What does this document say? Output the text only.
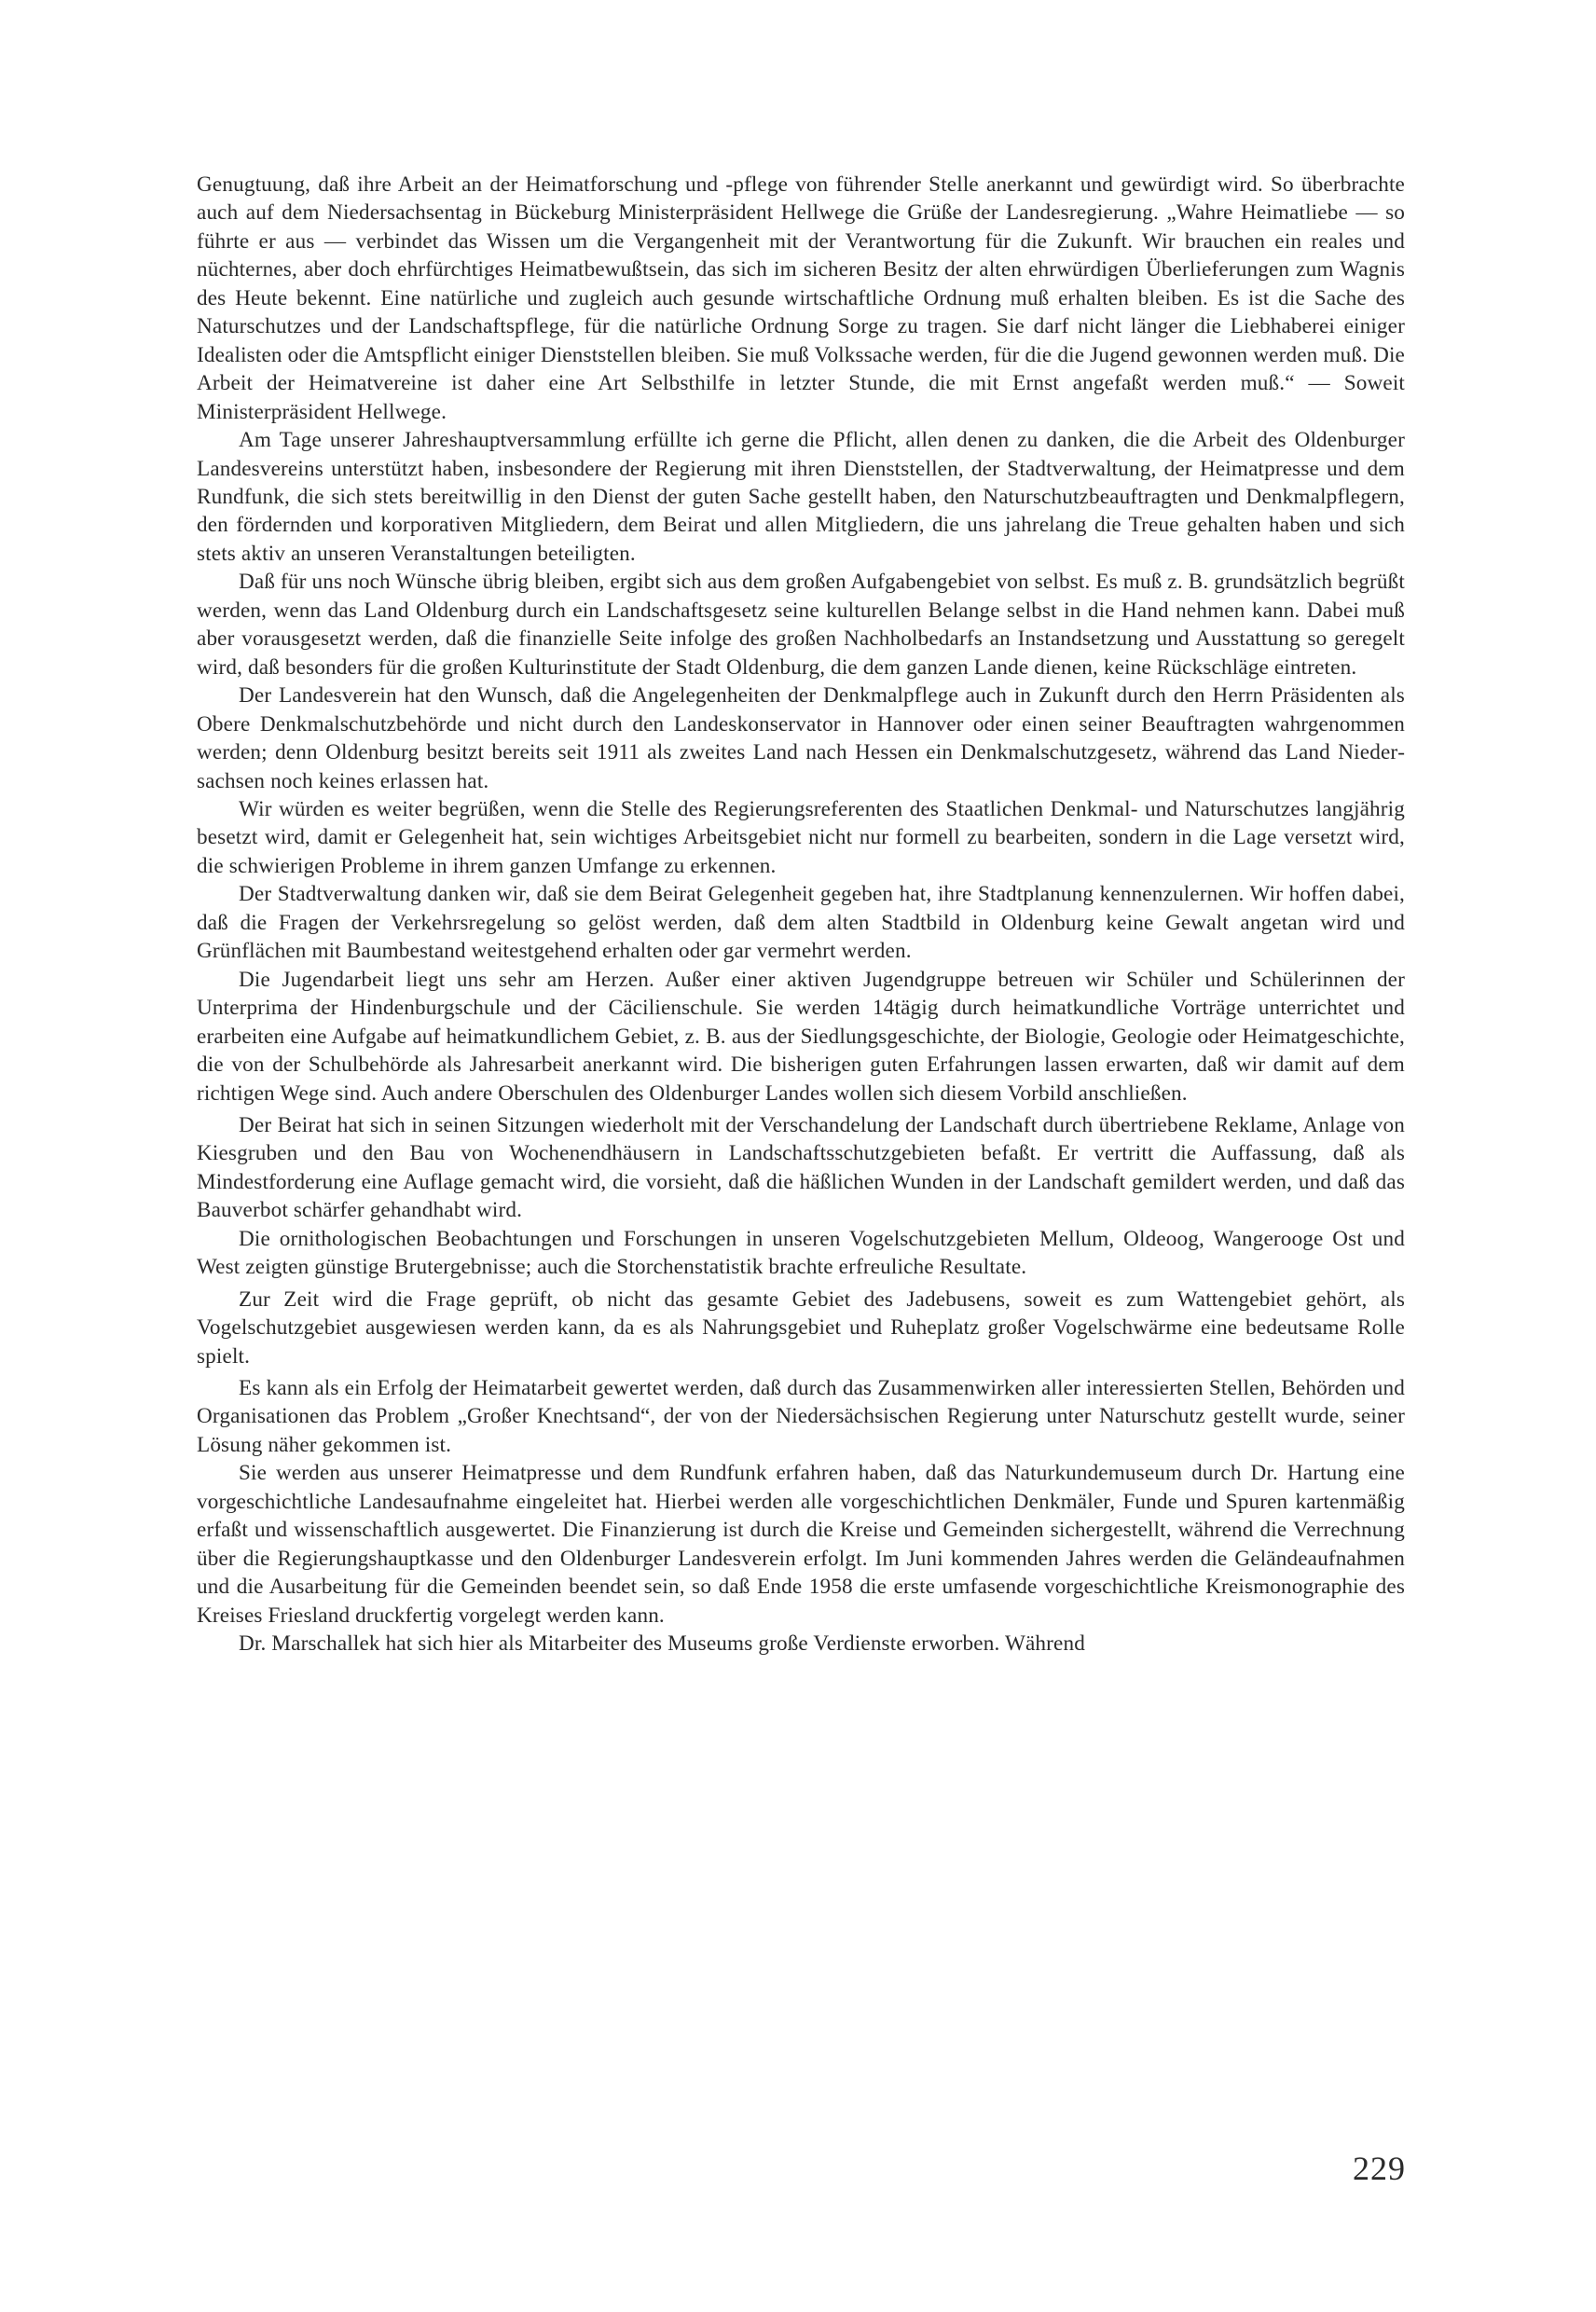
Genugtuung, daß ihre Arbeit an der Heimatforschung und -pflege von führender Stelle anerkannt und gewürdigt wird. So überbrachte auch auf dem Niedersachsentag in Bückeburg Ministerpräsident Hellwege die Grüße der Landesregierung. „Wahre Heimatliebe — so führte er aus — verbindet das Wissen um die Vergangenheit mit der Verantwortung für die Zukunft. Wir brauchen ein reales und nüchternes, aber doch ehrfürchtiges Heimatbewußtsein, das sich im sicheren Besitz der alten ehrwürdigen Überlieferungen zum Wagnis des Heute bekennt. Eine natürliche und zugleich auch gesunde wirtschaftliche Ordnung muß erhalten bleiben. Es ist die Sache des Naturschutzes und der Landschaftspflege, für die natürliche Ordnung Sorge zu tragen. Sie darf nicht länger die Liebhaberei einiger Idealisten oder die Amtspflicht einiger Dienststellen bleiben. Sie muß Volkssache werden, für die die Jugend gewonnen werden muß. Die Arbeit der Heimatvereine ist daher eine Art Selbsthilfe in letzter Stunde, die mit Ernst angefaßt werden muß.“ — Soweit Ministerpräsident Hellwege.

Am Tage unserer Jahreshauptversammlung erfüllte ich gerne die Pflicht, allen denen zu danken, die die Arbeit des Oldenburger Landesvereins unterstützt haben, insbesondere der Regierung mit ihren Dienststellen, der Stadtverwaltung, der Heimatpresse und dem Rundfunk, die sich stets bereitwillig in den Dienst der guten Sache gestellt haben, den Naturschutzbeauftragten und Denkmalpflegern, den fördernden und korporativen Mitgliedern, dem Beirat und allen Mitgliedern, die uns jahrelang die Treue gehalten haben und sich stets aktiv an unseren Veranstaltungen beteiligten.

Daß für uns noch Wünsche übrig bleiben, ergibt sich aus dem großen Aufgabengebiet von selbst. Es muß z. B. grundsätzlich begrüßt werden, wenn das Land Oldenburg durch ein Landschaftsgesetz seine kulturellen Belange selbst in die Hand nehmen kann. Dabei muß aber vorausgesetzt werden, daß die finanzielle Seite infolge des großen Nachholbedarfs an Instandsetzung und Ausstattung so geregelt wird, daß besonders für die großen Kulturinstitute der Stadt Oldenburg, die dem ganzen Lande dienen, keine Rückschläge eintreten.

Der Landesverein hat den Wunsch, daß die Angelegenheiten der Denkmalpflege auch in Zukunft durch den Herrn Präsidenten als Obere Denkmalschutzbehörde und nicht durch den Landeskonservator in Hannover oder einen seiner Beauftragten wahrgenommen werden; denn Oldenburg besitzt bereits seit 1911 als zweites Land nach Hessen ein Denkmalschutzgesetz, während das Land Niedersachsen noch keines erlassen hat.

Wir würden es weiter begrüßen, wenn die Stelle des Regierungsreferenten des Staatlichen Denkmal- und Naturschutzes langjährig besetzt wird, damit er Gelegenheit hat, sein wichtiges Arbeitsgebiet nicht nur formell zu bearbeiten, sondern in die Lage versetzt wird, die schwierigen Probleme in ihrem ganzen Umfange zu erkennen.

Der Stadtverwaltung danken wir, daß sie dem Beirat Gelegenheit gegeben hat, ihre Stadtplanung kennenzulernen. Wir hoffen dabei, daß die Fragen der Verkehrsregelung so gelöst werden, daß dem alten Stadtbild in Oldenburg keine Gewalt angetan wird und Grünflächen mit Baumbestand weitestgehend erhalten oder gar vermehrt werden.

Die Jugendarbeit liegt uns sehr am Herzen. Außer einer aktiven Jugendgruppe betreuen wir Schüler und Schülerinnen der Unterprima der Hindenburgschule und der Cäcilienschule. Sie werden 14tägig durch heimatkundliche Vorträge unterrichtet und erarbeiten eine Aufgabe auf heimatkundlichem Gebiet, z. B. aus der Siedlungsgeschichte, der Biologie, Geologie oder Heimatgeschichte, die von der Schulbehörde als Jahresarbeit anerkannt wird. Die bisherigen guten Erfahrungen lassen erwarten, daß wir damit auf dem richtigen Wege sind. Auch andere Oberschulen des Oldenburger Landes wollen sich diesem Vorbild anschließen.

Der Beirat hat sich in seinen Sitzungen wiederholt mit der Verschandelung der Landschaft durch übertriebene Reklame, Anlage von Kiesgruben und den Bau von Wochenendhäusern in Landschaftsschutzgebieten befaßt. Er vertritt die Auffassung, daß als Mindestforderung eine Auflage gemacht wird, die vorsieht, daß die häßlichen Wunden in der Landschaft gemildert werden, und daß das Bauverbot schärfer gehandhabt wird.

Die ornithologischen Beobachtungen und Forschungen in unseren Vogelschutzgebieten Mellum, Oldeoog, Wangerooge Ost und West zeigten günstige Brutergebnisse; auch die Storchenstatistik brachte erfreuliche Resultate.

Zur Zeit wird die Frage geprüft, ob nicht das gesamte Gebiet des Jadebusens, soweit es zum Wattengebiet gehört, als Vogelschutzgebiet ausgewiesen werden kann, da es als Nahrungsgebiet und Ruheplatz großer Vogelschwärme eine bedeutsame Rolle spielt.

Es kann als ein Erfolg der Heimatarbeit gewertet werden, daß durch das Zusammenwirken aller interessierten Stellen, Behörden und Organisationen das Problem „Großer Knechtsand“, der von der Niedersächsischen Regierung unter Naturschutz gestellt wurde, seiner Lösung näher gekommen ist.

Sie werden aus unserer Heimatpresse und dem Rundfunk erfahren haben, daß das Naturkundemuseum durch Dr. Hartung eine vorgeschichtliche Landesaufnahme eingeleitet hat. Hierbei werden alle vorgeschichtlichen Denkmäler, Funde und Spuren kartenmäßig erfaßt und wissenschaftlich ausgewertet. Die Finanzierung ist durch die Kreise und Gemeinden sichergestellt, während die Verrechnung über die Regierungshauptkasse und den Oldenburger Landesverein erfolgt. Im Juni kommenden Jahres werden die Geländeaufnahmen und die Ausarbeitung für die Gemeinden beendet sein, so daß Ende 1958 die erste umfasende vorgeschichtliche Kreismonographie des Kreises Friesland druckfertig vorgelegt werden kann.

Dr. Marschallek hat sich hier als Mitarbeiter des Museums große Verdienste erworben. Während

229
